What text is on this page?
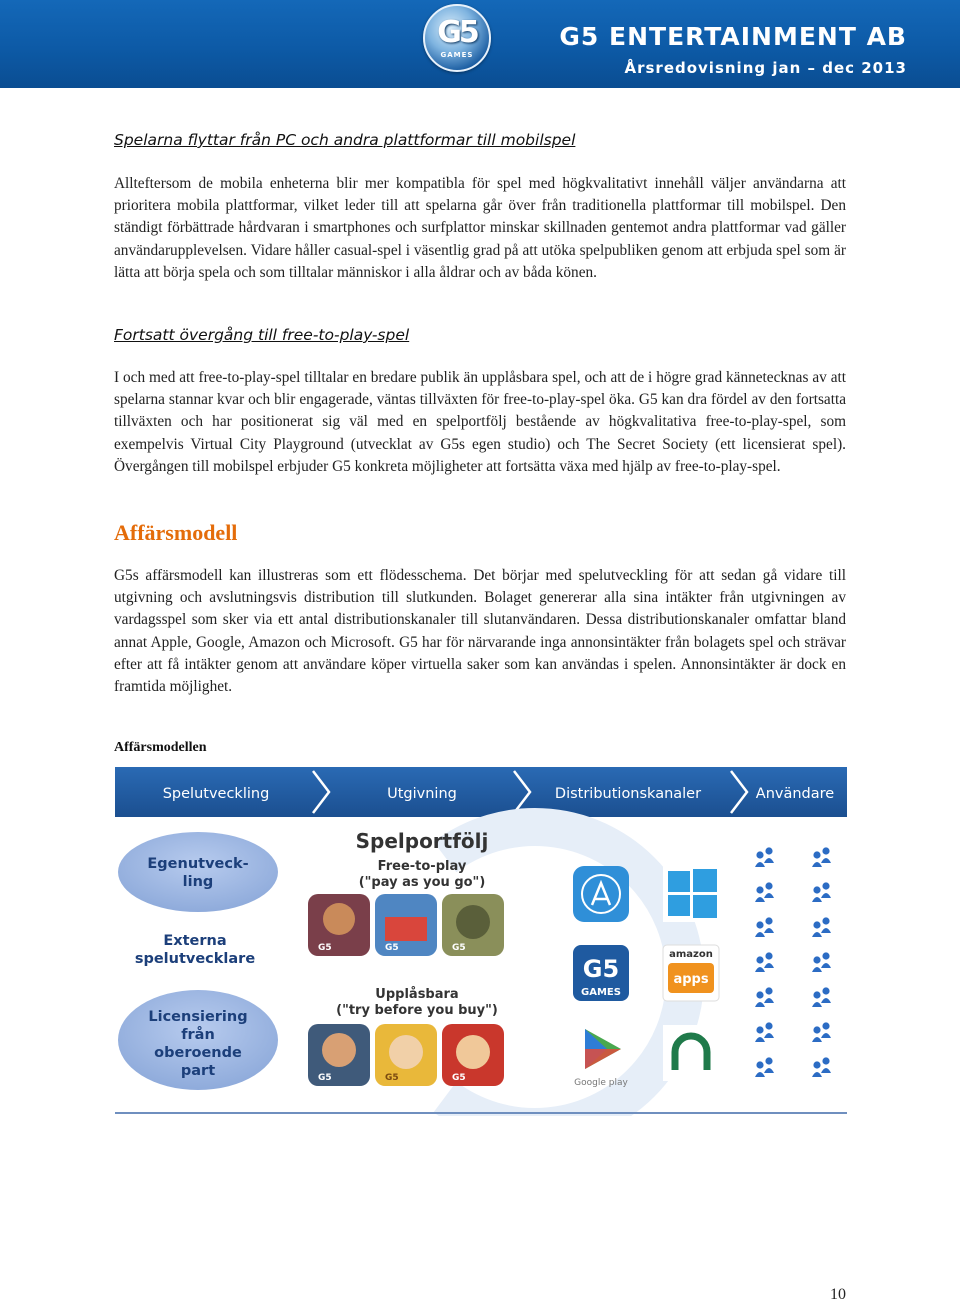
G5
GAMES
G5 ENTERTAINMENT AB
Årsredovisning jan – dec 2013
Spelarna flyttar från PC och andra plattformar till mobilspel

Allteftersom de mobila enheterna blir mer kompatibla för spel med högkvalitativt innehåll väljer användarna att prioritera mobila plattformar, vilket leder till att spelarna går över från traditionella plattformar till mobilspel. Den ständigt förbättrade hårdvaran i smartphones och surfplattor minskar skillnaden gentemot andra plattformar vad gäller användarupplevelsen. Vidare håller casual-spel i väsentlig grad på att utöka spelpubliken genom att erbjuda spel som är lätta att börja spela och som tilltalar människor i alla åldrar och av båda könen.

Fortsatt övergång till free-to-play-spel

I och med att free-to-play-spel tilltalar en bredare publik än upplåsbara spel, och att de i högre grad kännetecknas av att spelarna stannar kvar och blir engagerade, väntas tillväxten för free-to-play-spel öka. G5 kan dra fördel av den fortsatta tillväxten och har positionerat sig väl med en spelportfölj bestående av högkvalitativa free-to-play-spel, som exempelvis Virtual City Playground (utvecklat av G5s egen studio) och The Secret Society (ett licensierat spel). Övergången till mobilspel erbjuder G5 konkreta möjligheter att fortsätta växa med hjälp av free-to-play-spel.

Affärsmodell

G5s affärsmodell kan illustreras som ett flödesschema. Det börjar med spelutveckling för att sedan gå vidare till utgivning och avslutningsvis distribution till slutkunden. Bolaget genererar alla sina intäkter från utgivningen av vardagsspel som sker via ett antal distributionskanaler till slutanvändaren. Dessa distributionskanaler omfattar bland annat Apple, Google, Amazon och Microsoft. G5 har för närvarande inga annonsintäkter från bolagets spel och strävar efter att få intäkter genom att användare köper virtuella saker som kan användas i spelen. Annonsintäkter är dock en framtida möjlighet.

Affärsmodellen

Spelutveckling	Utgivning	Distributionskanaler	Användare
Egenutveck-
ling
Externa
spelutvecklare
Licensiering
från
oberoende
part
Spelportfölj
Free-to-play
("pay as you go")
Upplåsbara
("try before you buy")
G5	G5	G5
G5	G5	G5
G5
GAMES
amazon
apps
Google play
10
